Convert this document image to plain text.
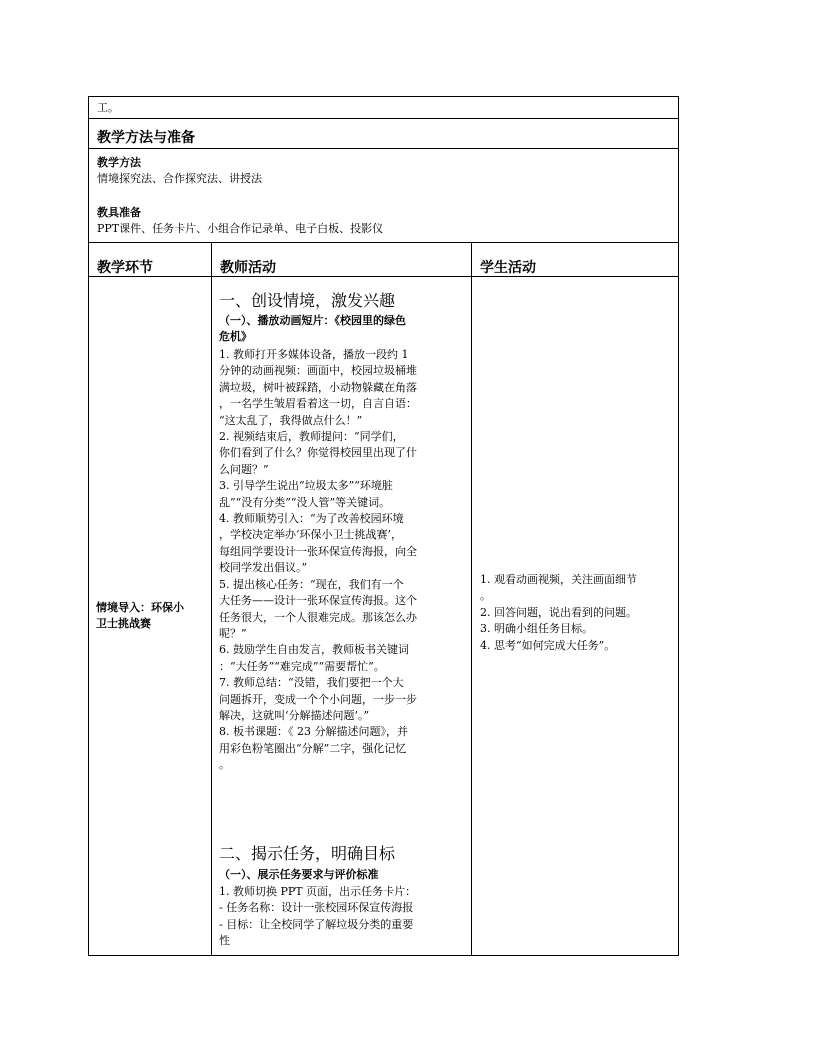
工。
教学方法与准备
教学方法
情境探究法、合作探究法、讲授法
教具准备
PPT课件、任务卡片、小组合作记录单、电子白板、投影仪
教学环节	教师活动	学生活动
情境导入：环保小
卫士挑战赛
一、创设情境，激发兴趣
（一）、播放动画短片：《校园里的绿色
危机》
1. 教师打开多媒体设备，播放一段约 1
分钟的动画视频：画面中，校园垃圾桶堆
满垃圾，树叶被踩踏，小动物躲藏在角落
，一名学生皱眉看着这一切，自言自语：
“这太乱了，我得做点什么！”
2. 视频结束后，教师提问：“同学们，
你们看到了什么？你觉得校园里出现了什
么问题？”
3. 引导学生说出“垃圾太多”“环境脏
乱”“没有分类”“没人管”等关键词。
4. 教师顺势引入：“为了改善校园环境
，学校决定举办‘环保小卫士挑战赛’，
每组同学要设计一张环保宣传海报，向全
校同学发出倡议。”
5. 提出核心任务：“现在，我们有一个
大任务——设计一张环保宣传海报。这个
任务很大，一个人很难完成。那该怎么办
呢？”
6. 鼓励学生自由发言，教师板书关键词
：“大任务”“难完成”“需要帮忙”。
7. 教师总结：“没错，我们要把一个大
问题拆开，变成一个个小问题，一步一步
解决，这就叫‘分解描述问题’。”
8. 板书课题：《 23 分解描述问题》，并
用彩色粉笔圈出“分解”二字，强化记忆
。
二、揭示任务，明确目标
（一）、展示任务要求与评价标准
1. 教师切换 PPT 页面，出示任务卡片：
- 任务名称：设计一张校园环保宣传海报
- 目标：让全校同学了解垃圾分类的重要
性
1. 观看动画视频，关注画面细节
。
2. 回答问题，说出看到的问题。
3. 明确小组任务目标。
4. 思考“如何完成大任务”。
